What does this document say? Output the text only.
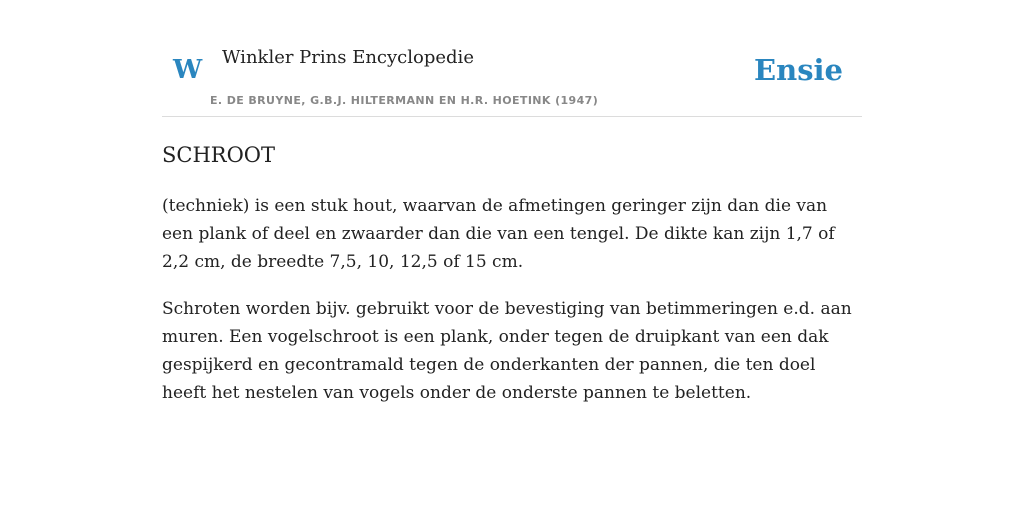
W Winkler Prins Encyclopedie
E. DE BRUYNE, G.B.J. HILTERMANN EN H.R. HOETINK (1947)
Ensie
SCHROOT

(techniek) is een stuk hout, waarvan de afmetingen geringer zijn dan die van een plank of deel en zwaarder dan die van een tengel. De dikte kan zijn 1,7 of 2,2 cm, de breedte 7,5, 10, 12,5 of 15 cm.

Schroten worden bijv. gebruikt voor de bevestiging van betimmeringen e.d. aan muren. Een vogelschroot is een plank, onder tegen de druipkant van een dak gespijkerd en gecontramald tegen de onderkanten der pannen, die ten doel heeft het nestelen van vogels onder de onderste pannen te beletten.
